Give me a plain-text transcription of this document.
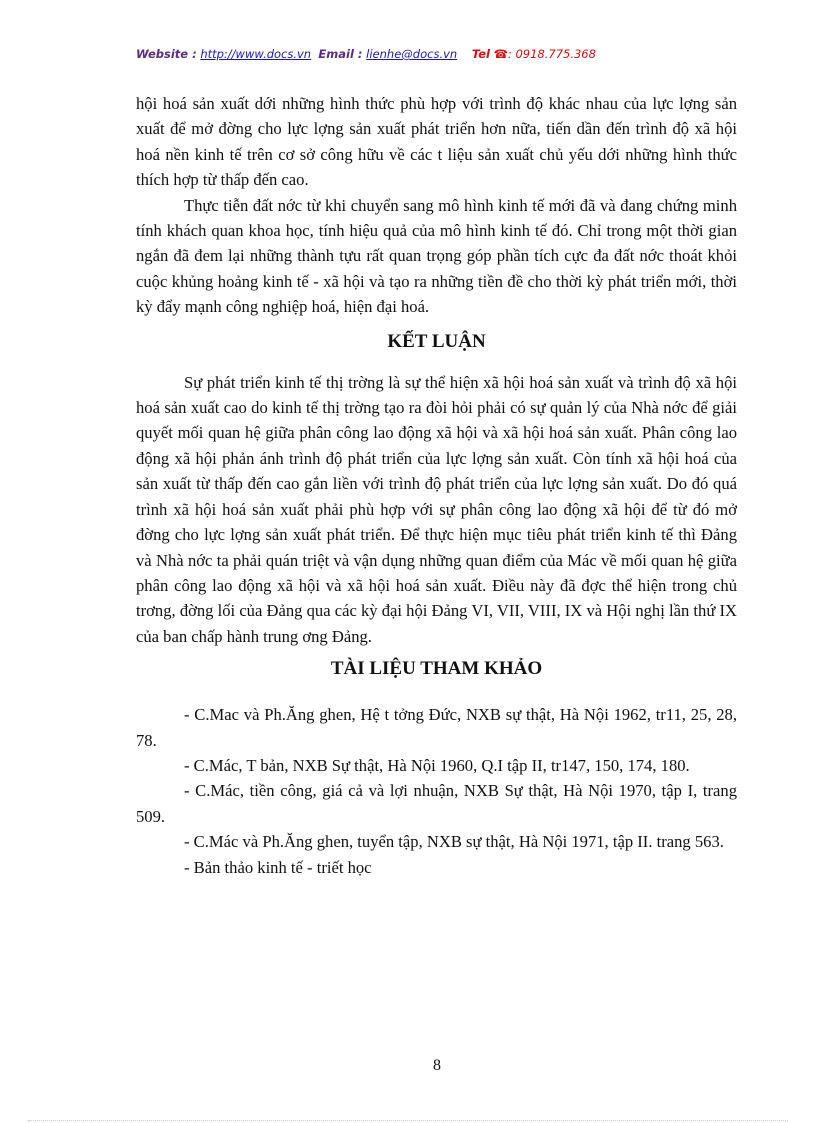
Website : http://www.docs.vn Email : lienhe@docs.vn Tel ☎: 0918.775.368

hội hoá sản xuất dới những hình thức phù hợp với trình độ khác nhau của lực lợng sản xuất để mở đờng cho lực lợng sản xuất phát triển hơn nữa, tiến dần đến trình độ xã hội hoá nền kinh tế trên cơ sở công hữu về các t liệu sản xuất chủ yếu dới những hình thức thích hợp từ thấp đến cao.

Thực tiễn đất nớc từ khi chuyển sang mô hình kinh tế mới đã và đang chứng minh tính khách quan khoa học, tính hiệu quả của mô hình kinh tế đó. Chỉ trong một thời gian ngắn đã đem lại những thành tựu rất quan trọng góp phần tích cực đa đất nớc thoát khỏi cuộc khủng hoảng kinh tế - xã hội và tạo ra những tiền đề cho thời kỳ phát triển mới, thời kỳ đẩy mạnh công nghiệp hoá, hiện đại hoá.

KẾT LUẬN

Sự phát triển kinh tế thị trờng là sự thể hiện xã hội hoá sản xuất và trình độ xã hội hoá sản xuất cao do kinh tế thị trờng tạo ra đòi hỏi phải có sự quản lý của Nhà nớc để giải quyết mối quan hệ giữa phân công lao động xã hội và xã hội hoá sản xuất. Phân công lao động xã hội phản ánh trình độ phát triển của lực lợng sản xuất. Còn tính xã hội hoá của sản xuất từ thấp đến cao gắn liền với trình độ phát triển của lực lợng sản xuất. Do đó quá trình xã hội hoá sản xuất phải phù hợp với sự phân công lao động xã hội để từ đó mở đờng cho lực lợng sản xuất phát triển. Để thực hiện mục tiêu phát triển kinh tế thì Đảng và Nhà nớc ta phải quán triệt và vận dụng những quan điểm của Mác về mối quan hệ giữa phân công lao động xã hội và xã hội hoá sản xuất. Điều này đã đợc thể hiện trong chủ trơng, đờng lối của Đảng qua các kỳ đại hội Đảng VI, VII, VIII, IX và Hội nghị lần thứ IX của ban chấp hành trung ơng Đảng.

TÀI LIỆU THAM KHẢO

- C.Mac và Ph.Ăng ghen, Hệ t tởng Đức, NXB sự thật, Hà Nội 1962, tr11, 25, 28, 78.

- C.Mác, T bản, NXB Sự thật, Hà Nội 1960, Q.I tập II, tr147, 150, 174, 180.

- C.Mác, tiền công, giá cả và lợi nhuận, NXB Sự thật, Hà Nội 1970, tập I, trang 509.

- C.Mác và Ph.Ăng ghen, tuyển tập, NXB sự thật, Hà Nội 1971, tập II. trang 563.

- Bản thảo kinh tế - triết học

8
